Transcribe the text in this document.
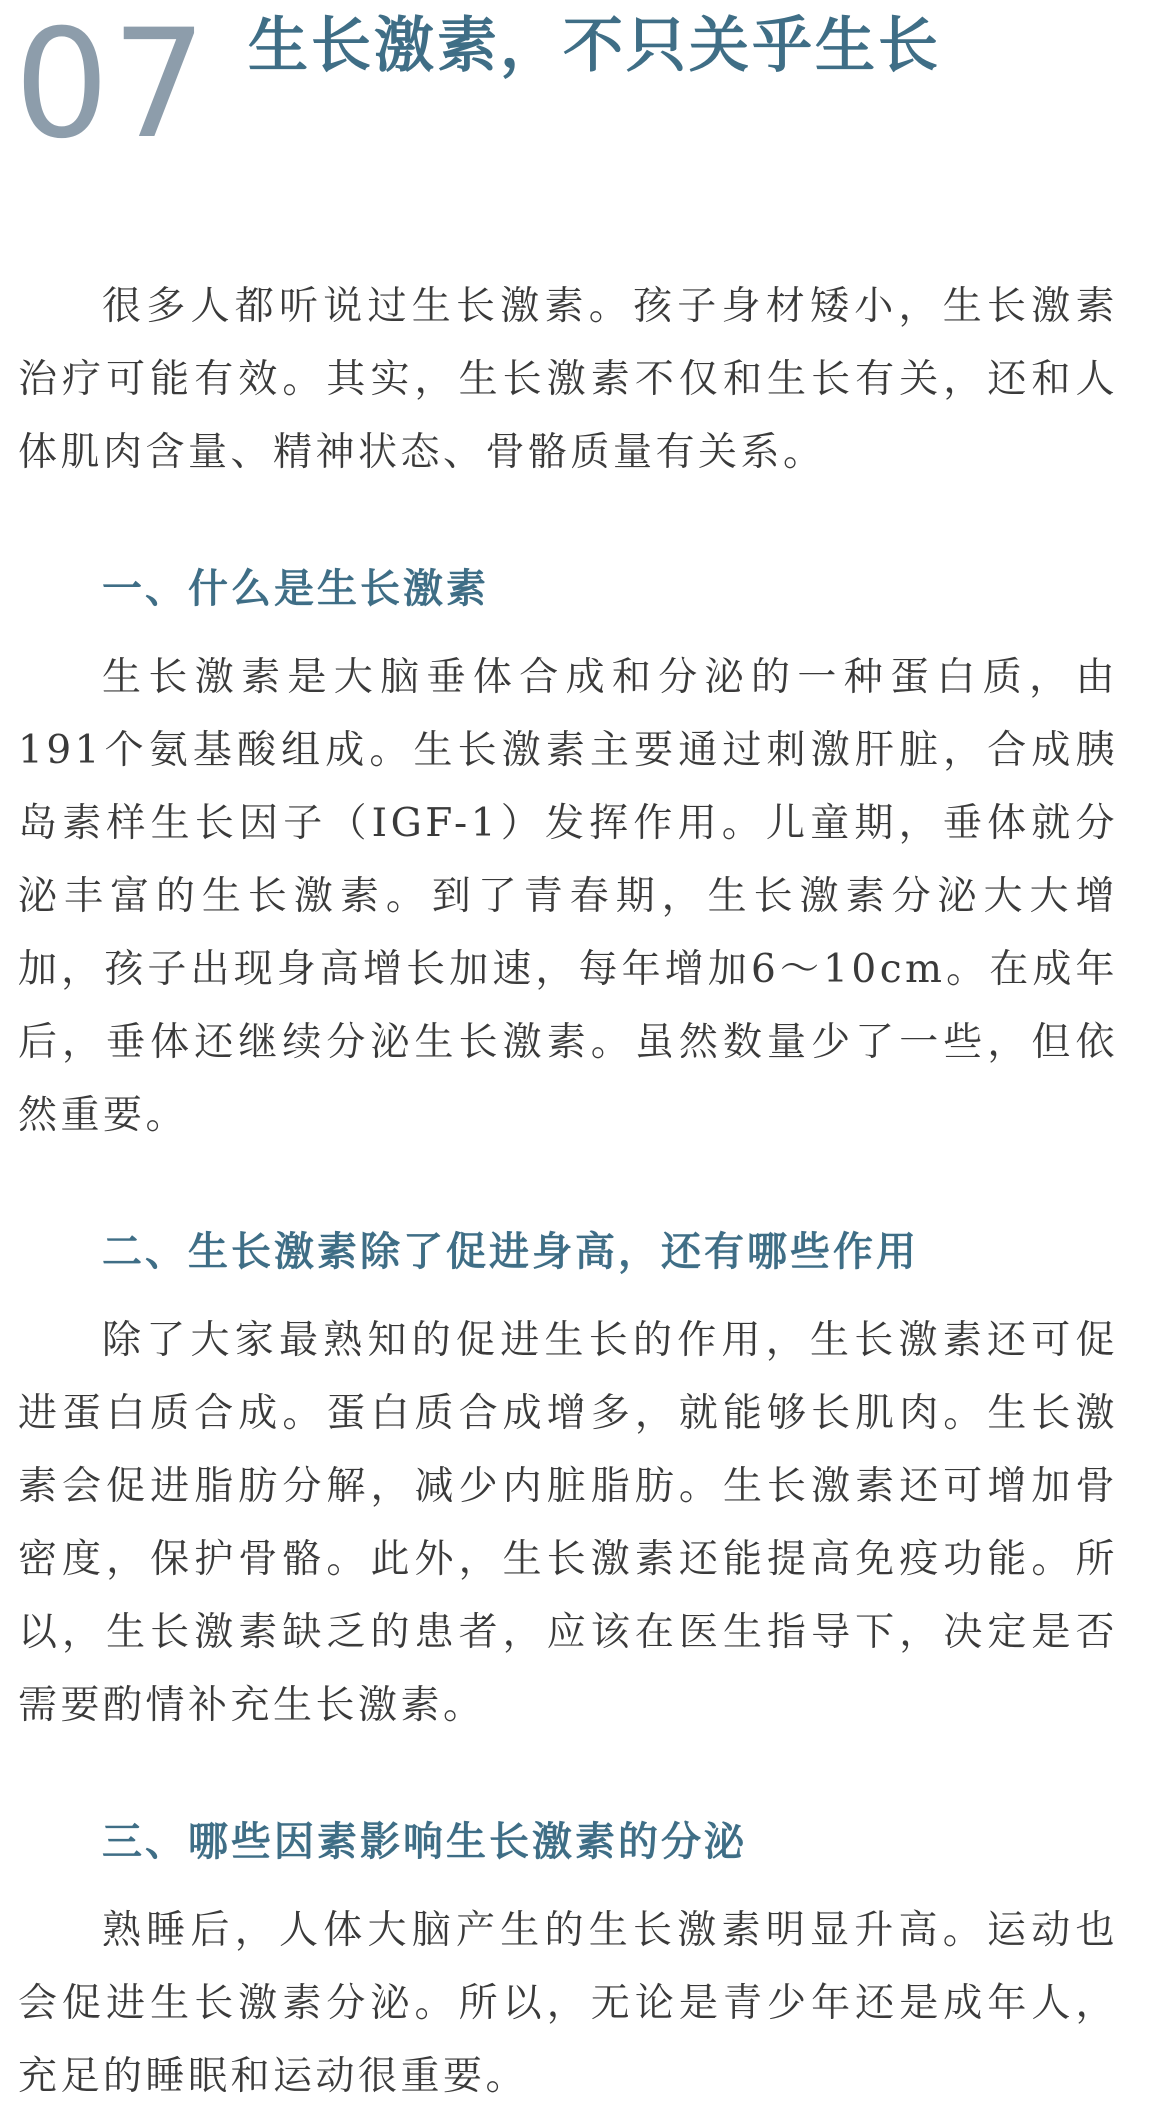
07 生长激素，不只关乎生长

很多人都听说过生长激素。孩子身材矮小，生长激素治疗可能有效。其实，生长激素不仅和生长有关，还和人体肌肉含量、精神状态、骨骼质量有关系。

一、什么是生长激素

生长激素是大脑垂体合成和分泌的一种蛋白质，由191个氨基酸组成。生长激素主要通过刺激肝脏，合成胰岛素样生长因子（IGF-1）发挥作用。儿童期，垂体就分泌丰富的生长激素。到了青春期，生长激素分泌大大增加，孩子出现身高增长加速，每年增加6～10cm。在成年后，垂体还继续分泌生长激素。虽然数量少了一些，但依然重要。

二、生长激素除了促进身高，还有哪些作用

除了大家最熟知的促进生长的作用，生长激素还可促进蛋白质合成。蛋白质合成增多，就能够长肌肉。生长激素会促进脂肪分解，减少内脏脂肪。生长激素还可增加骨密度，保护骨骼。此外，生长激素还能提高免疫功能。所以，生长激素缺乏的患者，应该在医生指导下，决定是否需要酌情补充生长激素。

三、哪些因素影响生长激素的分泌

熟睡后，人体大脑产生的生长激素明显升高。运动也会促进生长激素分泌。所以，无论是青少年还是成年人，充足的睡眠和运动很重要。
